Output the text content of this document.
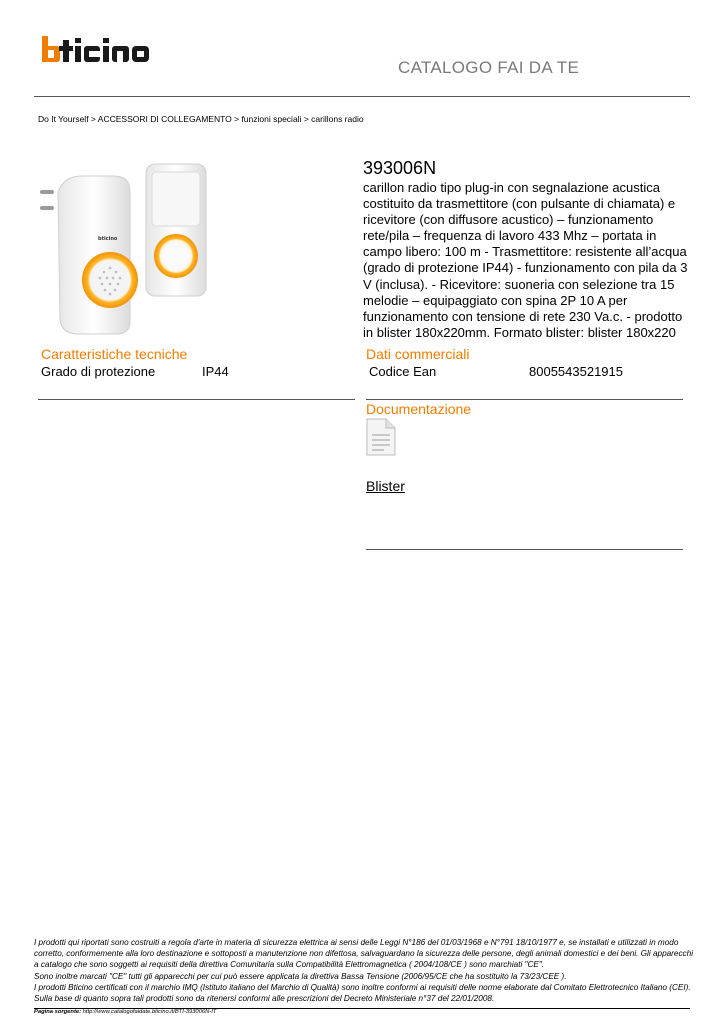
CATALOGO FAI DA TE
Do It Yourself > ACCESSORI DI COLLEGAMENTO > funzioni speciali > carillons radio
bticino
393006N
carillon radio tipo plug-in con segnalazione acustica costituito da trasmettitore (con pulsante di chiamata) e ricevitore (con diffusore acustico) – funzionamento rete/pila – frequenza di lavoro 433 Mhz – portata in campo libero: 100 m - Trasmettitore: resistente all’acqua (grado di protezione IP44) - funzionamento con pila da 3 V (inclusa). - Ricevitore: suoneria con selezione tra 15 melodie – equipaggiato con spina 2P 10 A per funzionamento con tensione di rete 230 Va.c. - prodotto in blister 180x220mm. Formato blister: blister 180x220
Caratteristiche tecniche
Grado di protezione	IP44
Dati commerciali
Codice Ean	8005543521915
Documentazione
Blister
I prodotti qui riportati sono costruiti a regola d'arte in materia di sicurezza elettrica ai sensi delle Leggi N°186 del 01/03/1968 e N°791 18/10/1977 e, se installati e utilizzati in modo corretto, conformemente alla loro destinazione e sottoposti a manutenzione non difettosa, salvaguardano la sicurezza delle persone, degli animali domestici e dei beni. Gli apparecchi a catalogo che sono soggetti ai requisiti della direttiva Comunitaria sulla Compatibilità Elettromagnetica ( 2004/108/CE ) sono marchiati "CE".
Sono inoltre marcati "CE" tutti gli apparecchi per cui può essere applicata la direttiva Bassa Tensione (2006/95/CE che ha sostituito la 73/23/CEE ).
I prodotti Bticino certificati con il marchio IMQ (Istituto italiano del Marchio di Qualità) sono inoltre conformi ai requisiti delle norme elaborate dal Comitato Elettrotecnico Italiano (CEI). Sulla base di quanto sopra tali prodotti sono da ritenersi conformi alle prescrizioni del Decreto Ministeriale n°37 del 22/01/2008.
Pagina sorgente: http://www.catalogofaidate.bticino.it/BTI-393006N-IT
